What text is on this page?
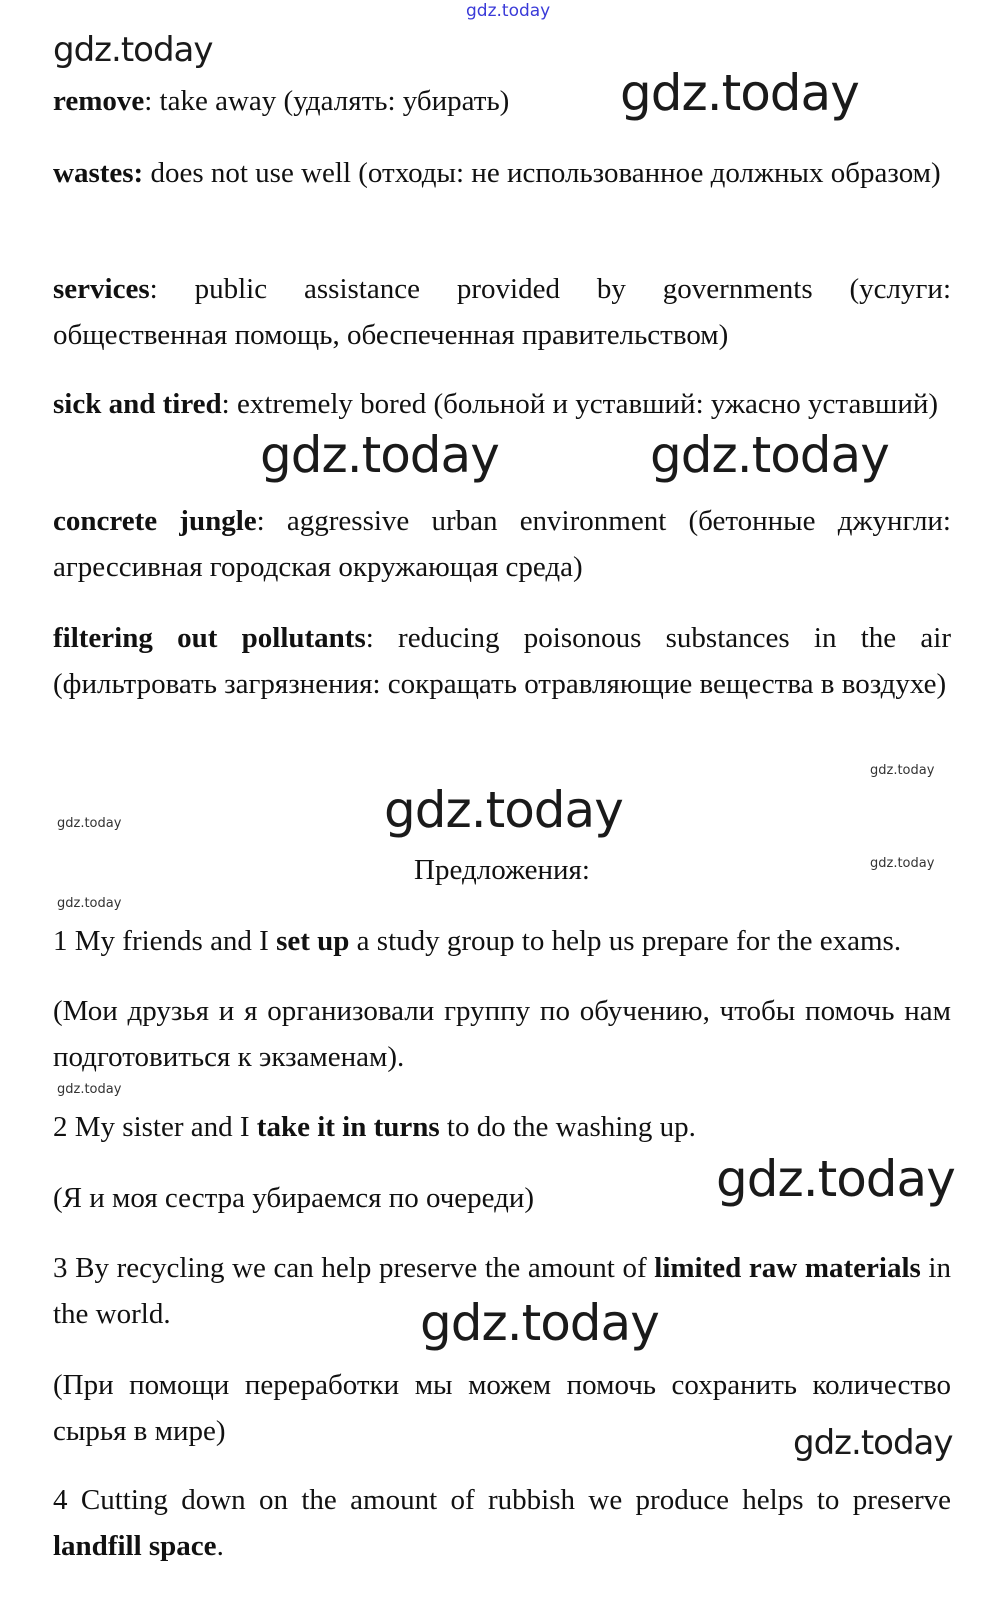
remove: take away (удалять: убирать)
wastes: does not use well (отходы: не использованное должных образом)
services: public assistance provided by governments (услуги: общественная помощь, обеспеченная правительством)
sick and tired: extremely bored (больной и уставший: ужасно уставший)
concrete jungle: aggressive urban environment (бетонные джунгли: агрессивная городская окружающая среда)
filtering out pollutants: reducing poisonous substances in the air (фильтровать загрязнения: сокращать отравляющие вещества в воздухе)
Предложения:
1 My friends and I set up a study group to help us prepare for the exams.
(Мои друзья и я организовали группу по обучению, чтобы помочь нам подготовиться к экзаменам).
2 My sister and I take it in turns to do the washing up.
(Я и моя сестра убираемся по очереди)
3 By recycling we can help preserve the amount of limited raw materials in the world.
(При помощи переработки мы можем помочь сохранить количество сырья в мире)
4 Cutting down on the amount of rubbish we produce helps to preserve landfill space.
gdz.today
gdz.today
gdz.today
gdz.today	gdz.today
gdz.today
gdz.today
gdz.today
gdz.today
gdz.today
gdz.today
gdz.today
gdz.today
gdz.today
